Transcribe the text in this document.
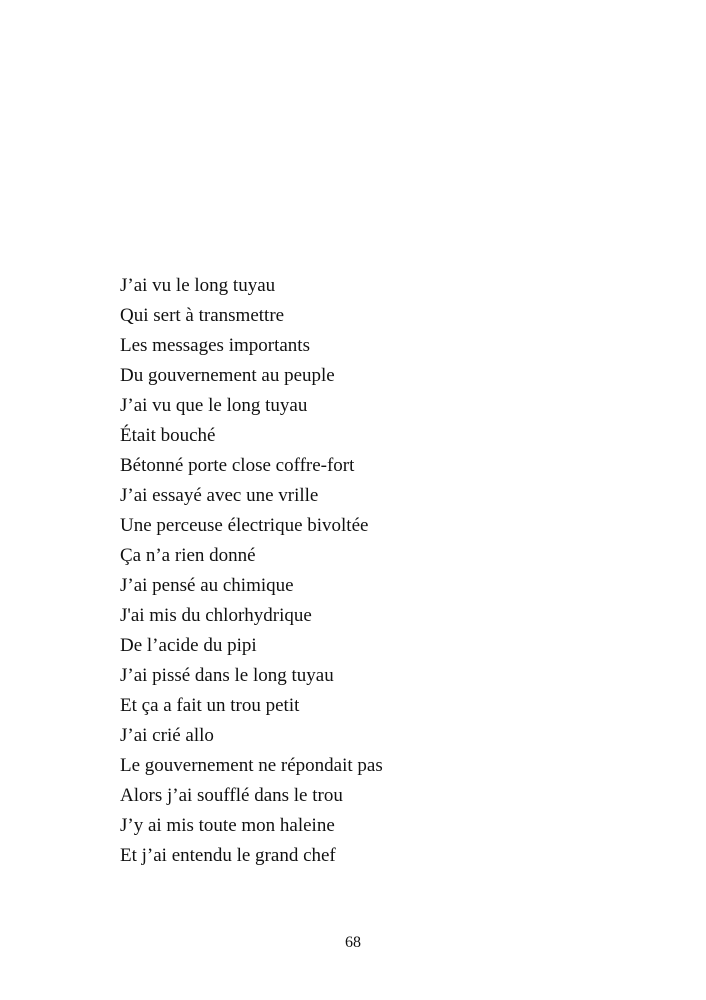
J’ai vu le long tuyau
Qui sert à transmettre
Les messages importants
Du gouvernement au peuple
J’ai vu que le long tuyau
Était bouché
Bétonné porte close coffre-fort
J’ai essayé avec une vrille
Une perceuse électrique bivoltée
Ça n’a rien donné
J’ai pensé au chimique
J'ai mis du chlorhydrique
De l’acide du pipi
J’ai pissé dans le long tuyau
Et ça a fait un trou petit
J’ai crié allo
Le gouvernement ne répondait pas
Alors j’ai soufflé dans le trou
J’y ai mis toute mon haleine
Et j’ai entendu le grand chef
68
